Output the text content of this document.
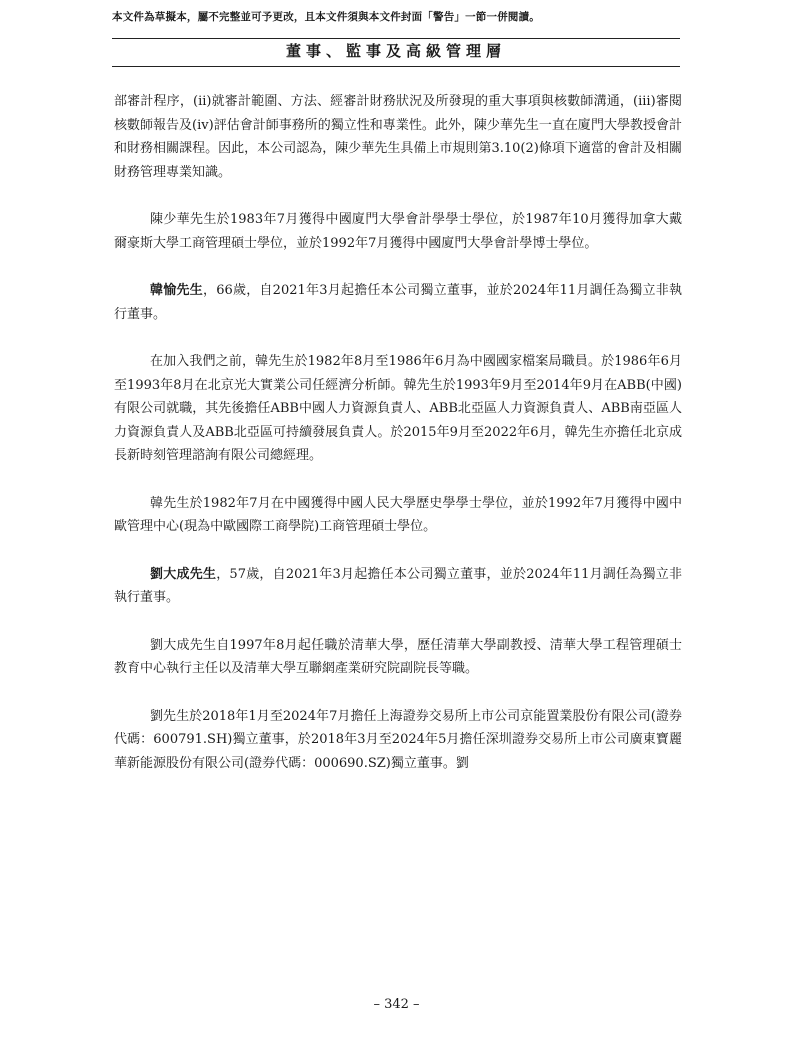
本文件為草擬本，屬不完整並可予更改，且本文件須與本文件封面「警告」一節一併閱讀。
董事、監事及高級管理層

部審計程序，(ii)就審計範圍、方法、經審計財務狀況及所發現的重大事項與核數師溝通，(iii)審閱核數師報告及(iv)評估會計師事務所的獨立性和專業性。此外，陳少華先生一直在廈門大學教授會計和財務相關課程。因此，本公司認為，陳少華先生具備上市規則第3.10(2)條項下適當的會計及相關財務管理專業知識。

陳少華先生於1983年7月獲得中國廈門大學會計學學士學位，於1987年10月獲得加拿大戴爾豪斯大學工商管理碩士學位，並於1992年7月獲得中國廈門大學會計學博士學位。

韓愉先生，66歲，自2021年3月起擔任本公司獨立董事，並於2024年11月調任為獨立非執行董事。

在加入我們之前，韓先生於1982年8月至1986年6月為中國國家檔案局職員。於1986年6月至1993年8月在北京光大實業公司任經濟分析師。韓先生於1993年9月至2014年9月在ABB(中國)有限公司就職，其先後擔任ABB中國人力資源負責人、ABB北亞區人力資源負責人、ABB南亞區人力資源負責人及ABB北亞區可持續發展負責人。於2015年9月至2022年6月，韓先生亦擔任北京成長新時刻管理諮詢有限公司總經理。

韓先生於1982年7月在中國獲得中國人民大學歷史學學士學位，並於1992年7月獲得中國中歐管理中心(現為中歐國際工商學院)工商管理碩士學位。

劉大成先生，57歲，自2021年3月起擔任本公司獨立董事，並於2024年11月調任為獨立非執行董事。

劉大成先生自1997年8月起任職於清華大學，歷任清華大學副教授、清華大學工程管理碩士教育中心執行主任以及清華大學互聯網產業研究院副院長等職。

劉先生於2018年1月至2024年7月擔任上海證券交易所上市公司京能置業股份有限公司(證券代碼：600791.SH)獨立董事，於2018年3月至2024年5月擔任深圳證券交易所上市公司廣東寶麗華新能源股份有限公司(證券代碼：000690.SZ)獨立董事。劉

– 342 –
